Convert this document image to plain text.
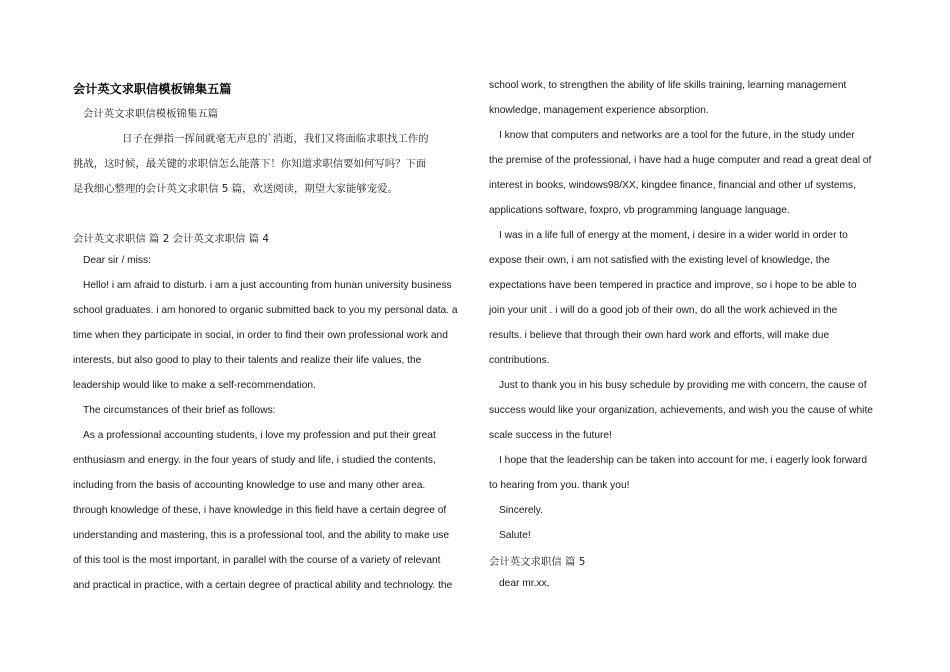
会计英文求职信模板锦集五篇
会计英文求职信模板锦集五篇
日子在弹指一挥间就毫无声息的`消逝，我们又将面临求职找工作的
挑战，这时候，最关键的求职信怎么能落下！你知道求职信要如何写吗？下面
是我细心整理的会计英文求职信 5 篇，欢送阅读，期望大家能够宠爱。
会计英文求职信 篇 2 会计英文求职信 篇 4
Dear sir / miss:
Hello! i am afraid to disturb. i am a just accounting from hunan university business
school graduates. i am honored to organic submitted back to you my personal data. a
time when they participate in social, in order to find their own professional work and
interests, but also good to play to their talents and realize their life values, the
leadership would like to make a self-recommendation.
The circumstances of their brief as follows:
As a professional accounting students, i love my profession and put their great
enthusiasm and energy. in the four years of study and life, i studied the contents,
including from the basis of accounting knowledge to use and many other area.
through knowledge of these, i have knowledge in this field have a certain degree of
understanding and mastering, this is a professional tool, and the ability to make use
of this tool is the most important, in parallel with the course of a variety of relevant
and practical in practice, with a certain degree of practical ability and technology. the
school work, to strengthen the ability of life skills training, learning management
knowledge, management experience absorption.
I know that computers and networks are a tool for the future, in the study under
the premise of the professional, i have had a huge computer and read a great deal of
interest in books, windows98/XX, kingdee finance, financial and other uf systems,
applications software, foxpro, vb programming language language.
I was in a life full of energy at the moment, i desire in a wider world in order to
expose their own, i am not satisfied with the existing level of knowledge, the
expectations have been tempered in practice and improve, so i hope to be able to
join your unit . i will do a good job of their own, do all the work achieved in the
results. i believe that through their own hard work and efforts, will make due
contributions.
Just to thank you in his busy schedule by providing me with concern, the cause of
success would like your organization, achievements, and wish you the cause of white
scale success in the future!
I hope that the leadership can be taken into account for me, i eagerly look forward
to hearing from you. thank you!
Sincerely.
Salute!
会计英文求职信 篇 5
dear mr.xx,
